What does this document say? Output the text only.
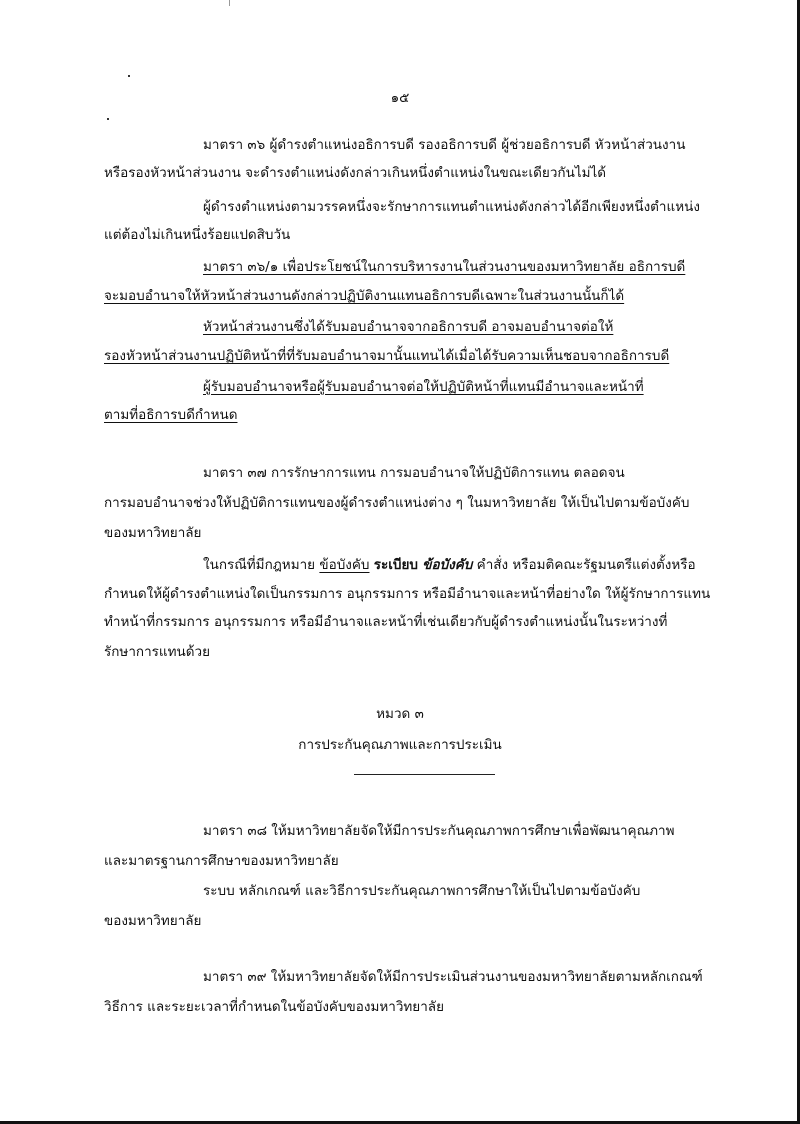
๑๕
มาตรา ๓๖ ผู้ดำรงตำแหน่งอธิการบดี รองอธิการบดี ผู้ช่วยอธิการบดี หัวหน้าส่วนงาน
หรือรองหัวหน้าส่วนงาน จะดำรงตำแหน่งดังกล่าวเกินหนึ่งตำแหน่งในขณะเดียวกันไม่ได้
ผู้ดำรงตำแหน่งตามวรรคหนึ่งจะรักษาการแทนตำแหน่งดังกล่าวได้อีกเพียงหนึ่งตำแหน่ง
แต่ต้องไม่เกินหนึ่งร้อยแปดสิบวัน
มาตรา ๓๖/๑ เพื่อประโยชน์ในการบริหารงานในส่วนงานของมหาวิทยาลัย อธิการบดี
จะมอบอำนาจให้หัวหน้าส่วนงานดังกล่าวปฏิบัติงานแทนอธิการบดีเฉพาะในส่วนงานนั้นก็ได้
หัวหน้าส่วนงานซึ่งได้รับมอบอำนาจจากอธิการบดี อาจมอบอำนาจต่อให้
รองหัวหน้าส่วนงานปฏิบัติหน้าที่ที่รับมอบอำนาจมานั้นแทนได้เมื่อได้รับความเห็นชอบจากอธิการบดี
ผู้รับมอบอำนาจหรือผู้รับมอบอำนาจต่อให้ปฏิบัติหน้าที่แทนมีอำนาจและหน้าที่
ตามที่อธิการบดีกำหนด
มาตรา ๓๗ การรักษาการแทน การมอบอำนาจให้ปฏิบัติการแทน ตลอดจน
การมอบอำนาจช่วงให้ปฏิบัติการแทนของผู้ดำรงตำแหน่งต่าง ๆ ในมหาวิทยาลัย ให้เป็นไปตามข้อบังคับ
ของมหาวิทยาลัย
ในกรณีที่มีกฎหมาย ข้อบังคับ ระเบียบ ข้อบังคับ คำสั่ง หรือมติคณะรัฐมนตรีแต่งตั้งหรือ
กำหนดให้ผู้ดำรงตำแหน่งใดเป็นกรรมการ อนุกรรมการ หรือมีอำนาจและหน้าที่อย่างใด ให้ผู้รักษาการแทน
ทำหน้าที่กรรมการ อนุกรรมการ หรือมีอำนาจและหน้าที่เช่นเดียวกับผู้ดำรงตำแหน่งนั้นในระหว่างที่
รักษาการแทนด้วย
หมวด ๓
การประกันคุณภาพและการประเมิน
มาตรา ๓๘ ให้มหาวิทยาลัยจัดให้มีการประกันคุณภาพการศึกษาเพื่อพัฒนาคุณภาพ
และมาตรฐานการศึกษาของมหาวิทยาลัย
ระบบ หลักเกณฑ์ และวิธีการประกันคุณภาพการศึกษาให้เป็นไปตามข้อบังคับ
ของมหาวิทยาลัย
มาตรา ๓๙ ให้มหาวิทยาลัยจัดให้มีการประเมินส่วนงานของมหาวิทยาลัยตามหลักเกณฑ์
วิธีการ และระยะเวลาที่กำหนดในข้อบังคับของมหาวิทยาลัย
